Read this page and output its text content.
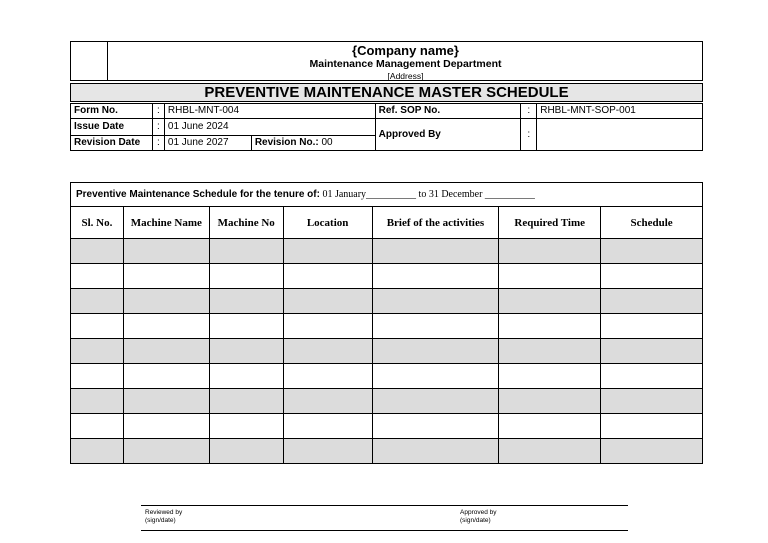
{Company name}
Maintenance Management Department
[Address]
PREVENTIVE MAINTENANCE MASTER SCHEDULE
Form No.	:	RHBL-MNT-004		Ref. SOP No.	:	RHBL-MNT-SOP-001
Issue Date	:	01 June 2024		Approved By	:	
Revision Date	:	01 June 2027	Revision No.: 00			
Preventive Maintenance Schedule for the tenure of: 01 January__________ to 31 December __________						
Sl. No.	Machine Name	Machine No	Location	Brief of the activities	Required Time	Schedule

Reviewed by
(sign/date)
Approved by
(sign/date)
